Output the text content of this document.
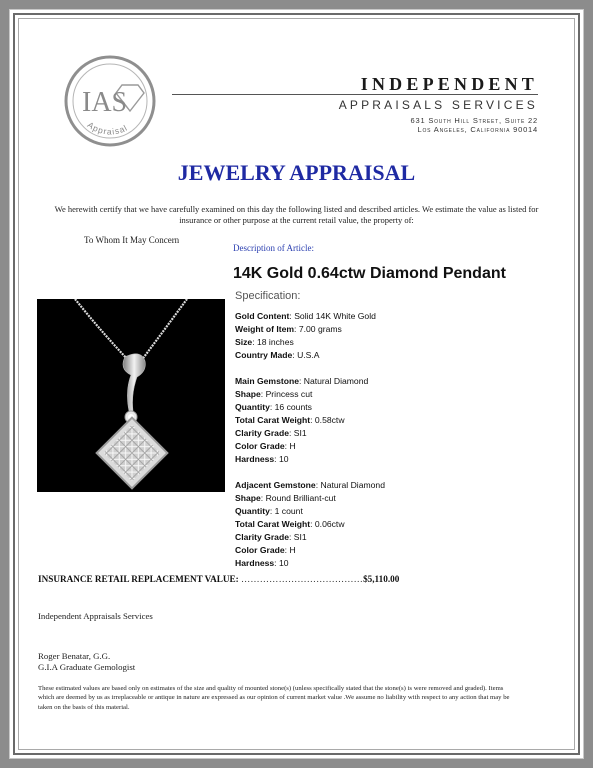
IAS
Appraisal
INDEPENDENT
APPRAISALS SERVICES
631 South Hill Street, Suite 22
Los Angeles, California 90014
JEWELRY APPRAISAL
We herewith certify that we have carefully examined on this day the following listed and described articles. We estimate the value as listed for insurance or other purpose at the current retail value, the property of:
To Whom It May Concern
Description of Article:
14K Gold 0.64ctw Diamond Pendant
Specification:
Gold Content: Solid 14K White Gold
Weight of Item: 7.00 grams
Size: 18 inches
Country Made: U.S.A
Main Gemstone: Natural Diamond
Shape: Princess cut
Quantity: 16 counts
Total Carat Weight: 0.58ctw
Clarity Grade: SI1
Color Grade: H
Hardness: 10
Adjacent Gemstone: Natural Diamond
Shape: Round Brilliant-cut
Quantity: 1 count
Total Carat Weight: 0.06ctw
Clarity Grade: SI1
Color Grade: H
Hardness: 10
INSURANCE RETAIL REPLACEMENT VALUE: …………………………………$5,110.00
Independent Appraisals Services
Roger Benatar, G.G.
G.I.A Graduate Gemologist
These estimated values are based only on estimates of the size and quality of mounted stone(s) (unless specifically stated that the stone(s) is were removed and graded). Items which are deemed by us as irreplaceable or antique in nature are expressed as our opinion of current market value .We assume no liability with respect to any action that may be taken on the basis of this material.
